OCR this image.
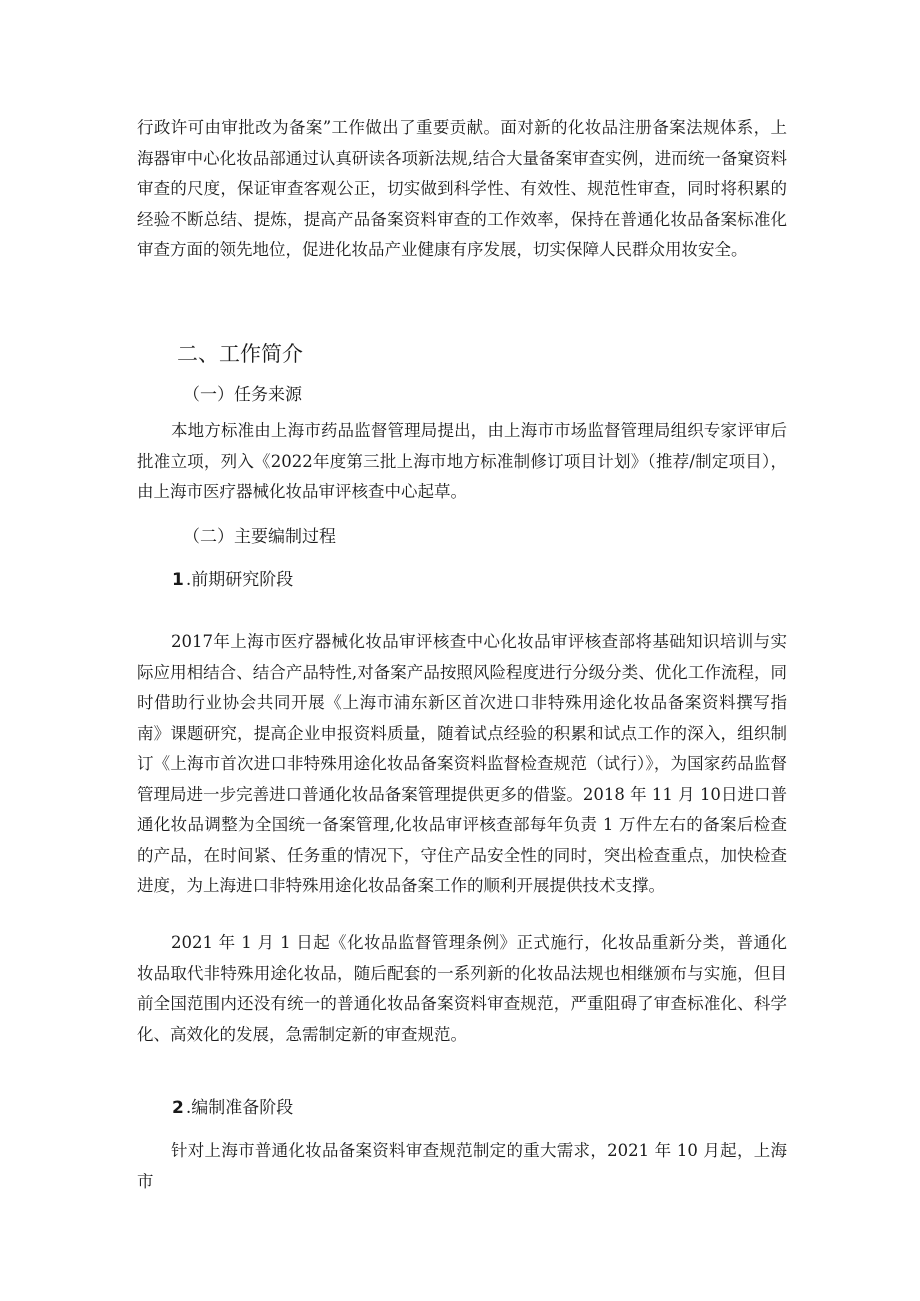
行政许可由审批改为备案”工作做出了重要贡献。面对新的化妆品注册备案法规体系，上海器审中心化妆品部通过认真研读各项新法规,结合大量备案审查实例，进而统一备窠资料审查的尺度，保证审查客观公正，切实做到科学性、有效性、规范性审查，同时将积累的经验不断总结、提炼，提高产品备案资料审查的工作效率，保持在普通化妆品备案标准化审查方面的领先地位，促进化妆品产业健康有序发展，切实保障人民群众用妆安全。

二、工作简介
（一）任务来源

本地方标准由上海市药品监督管理局提出，由上海市市场监督管理局组织专家评审后批准立项，列入《2022年度第三批上海市地方标准制修订项目计划》（推荐/制定项目），由上海市医疗器械化妆品审评核查中心起草。

（二）主要编制过程
1 .前期研究阶段

2017年上海市医疗器械化妆品审评核查中心化妆品审评核查部将基础知识培训与实际应用相结合、结合产品特性,对备案产品按照风险程度进行分级分类、优化工作流程，同时借助行业协会共同开展《上海市浦东新区首次进口非特殊用途化妆品备案资料撰写指南》课题研究，提高企业申报资料质量，随着试点经验的积累和试点工作的深入，组织制订《上海市首次进口非特殊用途化妆品备案资料监督检查规范（试行）》，为国家药品监督管理局进一步完善进口普通化妆品备案管理提供更多的借鉴。2018 年 11 月 10日进口普通化妆品调整为全国统一备案管理,化妆品审评核查部每年负责 1 万件左右的备案后检查的产品，在时间紧、任务重的情况下，守住产品安全性的同时，突出检查重点，加快检查进度，为上海进口非特殊用途化妆品备案工作的顺利开展提供技术支撑。

2021 年 1 月 1 日起《化妆品监督管理条例》正式施行，化妆品重新分类，普通化妆品取代非特殊用途化妆品，随后配套的一系列新的化妆品法规也相继颁布与实施，但目前全国范围内还没有统一的普通化妆品备案资料审查规范，严重阻碍了审查标准化、科学化、高效化的发展，急需制定新的审查规范。

2 .编制准备阶段

针对上海市普通化妆品备案资料审查规范制定的重大需求，2021 年 10 月起，上海市
